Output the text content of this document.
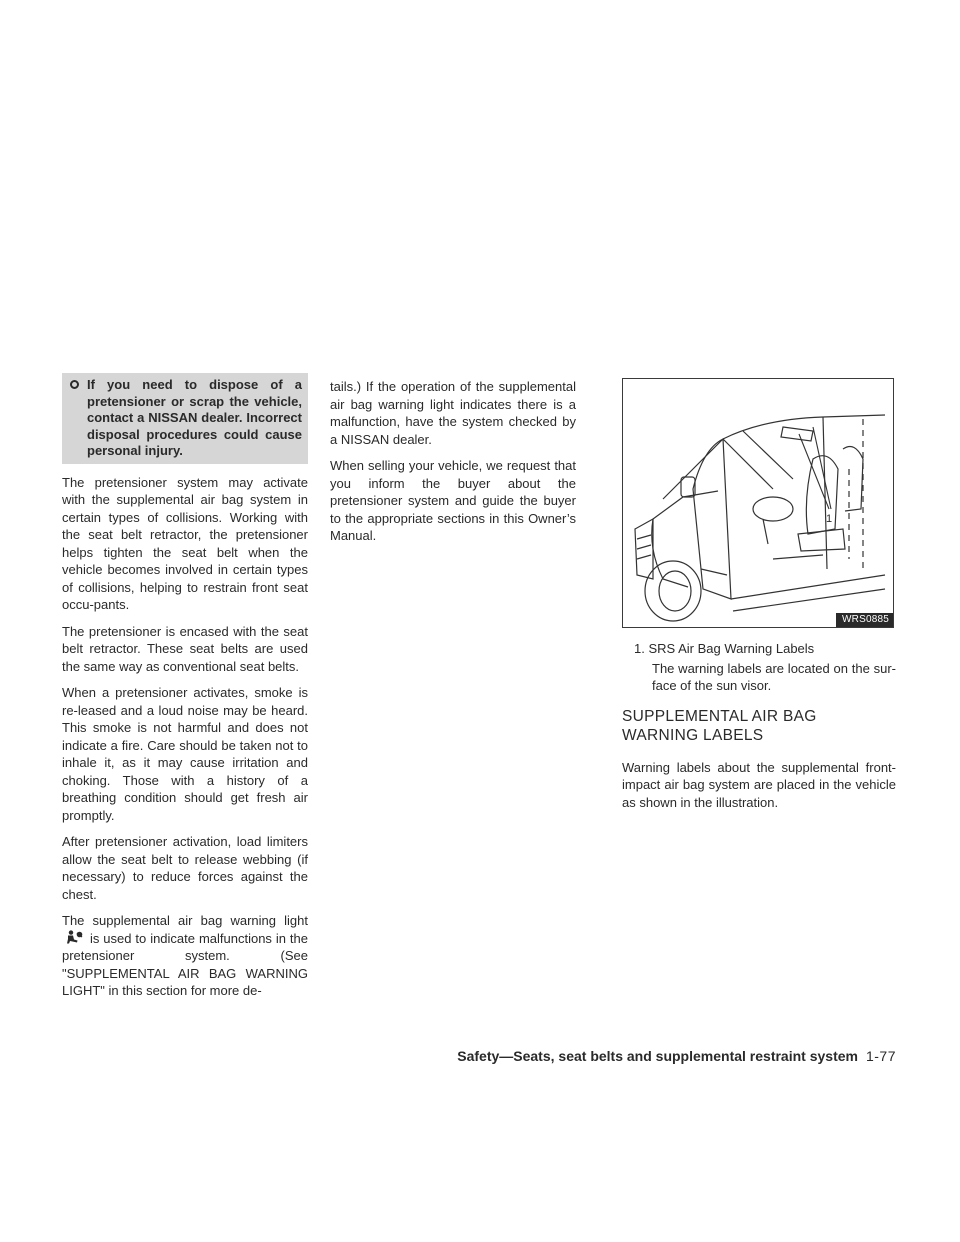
If you need to dispose of a pretensioner or scrap the vehicle, contact a NISSAN dealer. Incorrect disposal procedures could cause personal injury.

The pretensioner system may activate with the supplemental air bag system in certain types of collisions. Working with the seat belt retractor, the pretensioner helps tighten the seat belt when the vehicle becomes involved in certain types of collisions, helping to restrain front seat occu-pants.

The pretensioner is encased with the seat belt retractor. These seat belts are used the same way as conventional seat belts.

When a pretensioner activates, smoke is re-leased and a loud noise may be heard. This smoke is not harmful and does not indicate a fire. Care should be taken not to inhale it, as it may cause irritation and choking. Those with a history of a breathing condition should get fresh air promptly.

After pretensioner activation, load limiters allow the seat belt to release webbing (if necessary) to reduce forces against the chest.

The supplemental air bag warning light  is used to indicate malfunctions in the pretensioner system. (See "SUPPLEMENTAL AIR BAG WARNING LIGHT" in this section for more de-

tails.) If the operation of the supplemental air bag warning light indicates there is a malfunction, have the system checked by a NISSAN dealer.

When selling your vehicle, we request that you inform the buyer about the pretensioner system and guide the buyer to the appropriate sections in this Owner’s Manual.

1
WRS0885
1. SRS Air Bag Warning Labels
The warning labels are located on the sur-face of the sun visor.
SUPPLEMENTAL AIR BAG
WARNING LABELS

Warning labels about the supplemental front-impact air bag system are placed in the vehicle as shown in the illustration.

Safety—Seats, seat belts and supplemental restraint system 1-77
